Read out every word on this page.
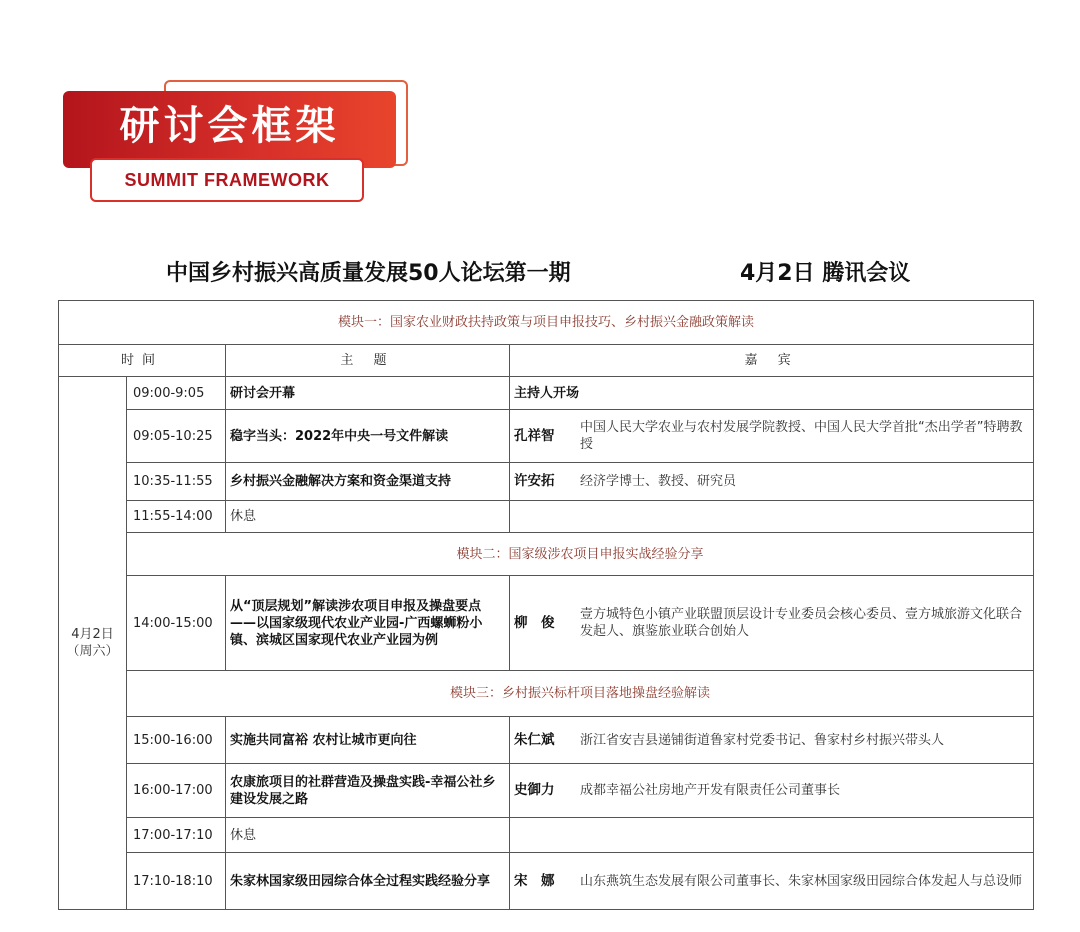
研讨会框架
SUMMIT FRAMEWORK
中国乡村振兴高质量发展50人论坛第一期	4月2日 腾讯会议
模块一：国家农业财政扶持政策与项目申报技巧、乡村振兴金融政策解读			
时间		主 题	嘉 宾

4月2日
（周六）	09:00-9:05	研讨会开幕	主持人开场

	09:05-10:25	稳字当头：2022年中央一号文件解读	孔祥智 中国人民大学农业与农村发展学院教授、中国人民大学首批“杰出学者”特聘教授

	10:35-11:55	乡村振兴金融解决方案和资金渠道支持	许安拓 经济学博士、教授、研究员

	11:55-14:00	休息	
	模块二：国家级涉农项目申报实战经验分享		
	14:00-15:00	从“顶层规划”解读涉农项目申报及操盘要点——以国家级现代农业产业园-广西螺蛳粉小镇、滨城区国家现代农业产业园为例	柳　俊 壹方城特色小镇产业联盟顶层设计专业委员会核心委员、壹方城旅游文化联合发起人、旗鉴旅业联合创始人

	模块三：乡村振兴标杆项目落地操盘经验解读		
	15:00-16:00	实施共同富裕 农村让城市更向往	朱仁斌 浙江省安吉县递铺街道鲁家村党委书记、鲁家村乡村振兴带头人

	16:00-17:00	农康旅项目的社群营造及操盘实践-幸福公社乡建设发展之路	史御力 成都幸福公社房地产开发有限责任公司董事长

	17:00-17:10	休息	
	17:10-18:10	朱家林国家级田园综合体全过程实践经验分享	宋　娜 山东燕筑生态发展有限公司董事长、朱家林国家级田园综合体发起人与总设师
